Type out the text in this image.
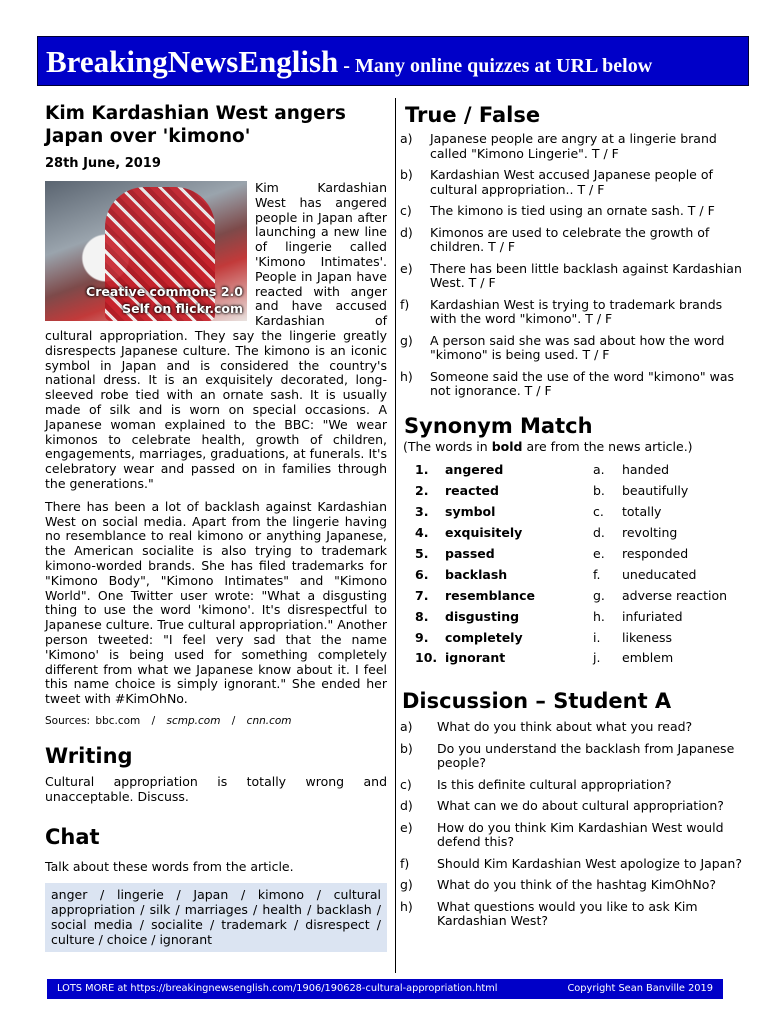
BreakingNewsEnglish - Many online quizzes at URL below
Kim Kardashian West angers Japan over 'kimono'
28th June, 2019
Creative commons 2.0
Self on flickr.com

Kim Kardashian West has angered people in Japan after launching a new line of lingerie called 'Kimono Intimates'. People in Japan have reacted with anger and have accused Kardashian of cultural appropriation. They say the lingerie greatly disrespects Japanese culture. The kimono is an iconic symbol in Japan and is considered the country's national dress. It is an exquisitely decorated, long-sleeved robe tied with an ornate sash. It is usually made of silk and is worn on special occasions. A Japanese woman explained to the BBC: "We wear kimonos to celebrate health, growth of children, engagements, marriages, graduations, at funerals. It's celebratory wear and passed on in families through the generations."

There has been a lot of backlash against Kardashian West on social media. Apart from the lingerie having no resemblance to real kimono or anything Japanese, the American socialite is also trying to trademark kimono-worded brands. She has filed trademarks for "Kimono Body", "Kimono Intimates" and "Kimono World". One Twitter user wrote: "What a disgusting thing to use the word 'kimono'. It's disrespectful to Japanese culture. True cultural appropriation." Another person tweeted: "I feel very sad that the name 'Kimono' is being used for something completely different from what we Japanese know about it. I feel this name choice is simply ignorant." She ended her tweet with #KimOhNo.

Sources: bbc.com / scmp.com / cnn.com
Writing

Cultural appropriation is totally wrong and unacceptable. Discuss.

Chat

Talk about these words from the article.

anger / lingerie / Japan / kimono / cultural appropriation / silk / marriages / health / backlash / social media / socialite / trademark / disrespect / culture / choice / ignorant
True / False
a)	Japanese people are angry at a lingerie brand called "Kimono Lingerie". T / F
b)	Kardashian West accused Japanese people of cultural appropriation.. T / F
c)	The kimono is tied using an ornate sash. T / F
d)	Kimonos are used to celebrate the growth of children. T / F
e)	There has been little backlash against Kardashian West. T / F
f)	Kardashian West is trying to trademark brands with the word "kimono". T / F
g)	A person said she was sad about how the word "kimono" is being used. T / F
h)	Someone said the use of the word "kimono" was not ignorance. T / F
Synonym Match
(The words in bold are from the news article.)
1.	angered	a.	handed
2.	reacted	b.	beautifully
3.	symbol	c.	totally
4.	exquisitely	d.	revolting
5.	passed	e.	responded
6.	backlash	f.	uneducated
7.	resemblance	g.	adverse reaction
8.	disgusting	h.	infuriated
9.	completely	i.	likeness
10.	ignorant	j.	emblem
Discussion – Student A
a)	What do you think about what you read?
b)	Do you understand the backlash from Japanese people?
c)	Is this definite cultural appropriation?
d)	What can we do about cultural appropriation?
e)	How do you think Kim Kardashian West would defend this?
f)	Should Kim Kardashian West apologize to Japan?
g)	What do you think of the hashtag KimOhNo?
h)	What questions would you like to ask Kim Kardashian West?
LOTS MORE at https://breakingnewsenglish.com/1906/190628-cultural-appropriation.html	Copyright Sean Banville 2019
